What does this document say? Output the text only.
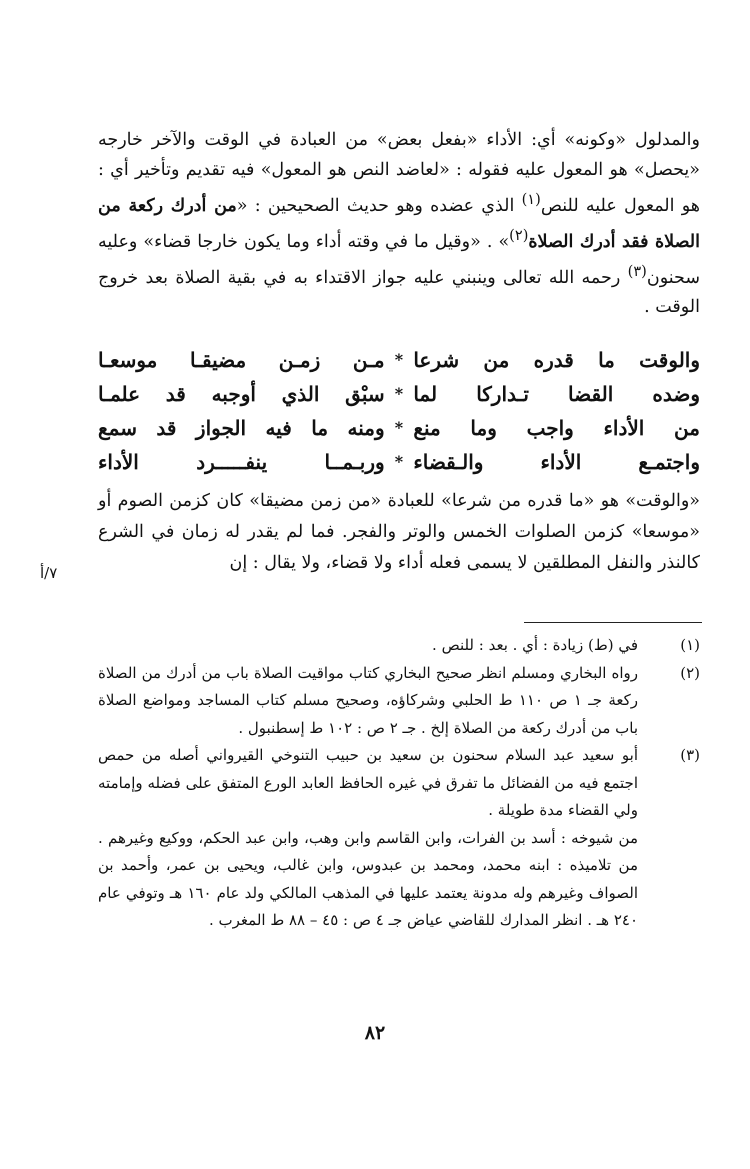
والمدلول «وكونه» أي: الأداء «بفعل بعض» من العبادة في الوقت والآخر خارجه «يحصل» هو المعول عليه فقوله : «لعاضد النص هو المعول» فيه تقديم وتأخير أي : هو المعول عليه للنص$^{(١)}$ الذي عضده وهو حديث الصحيحين : «من أدرك ركعة من الصلاة فقد أدرك الصلاة$^{(٢)}$» . «وقيل ما في وقته أداء وما يكون خارجا قضاء» وعليه سحنون$^{(٣)}$ رحمه الله تعالى وينبني عليه جواز الاقتداء به في بقية الصلاة بعد خروج الوقت .

والوقت ما قدره من شرعا
*
مـن زمـن مضيقـا موسعـا
وضده القضا تـداركا لما
*
سبْق الذي أوجبه قد علمـا
من الأداء واجب وما منع
*
ومنه ما فيه الجواز قد سمع
واجتمـع الأداء والـقضاء
*
وربـمــا ينفـــــرد الأداء

«والوقت» هو «ما قدره من شرعا» للعبادة «من زمن مضيقا» كان كزمن الصوم أو «موسعا» كزمن الصلوات الخمس والوتر والفجر. فما لم يقدر له زمان في الشرع كالنذر والنفل المطلقين لا يسمى فعله أداء ولا قضاء، ولا يقال : إن

٧/أ
(١)
في (ط) زيادة : أي . بعد : للنص .
(٢)
رواه البخاري ومسلم انظر صحيح البخاري كتاب مواقيت الصلاة باب من أدرك من الصلاة ركعة جـ ١ ص ١١٠ ط الحلبي وشركاؤه، وصحيح مسلم كتاب المساجد ومواضع الصلاة باب من أدرك ركعة من الصلاة إلخ . جـ ٢ ص : ١٠٢ ط إسطنبول .
(٣)
أبو سعيد عبد السلام سحنون بن سعيد بن حبيب التنوخي القيرواني أصله من حمص اجتمع فيه من الفضائل ما تفرق في غيره الحافظ العابد الورع المتفق على فضله وإمامته ولي القضاء مدة طويلة .
من شيوخه : أسد بن الفرات، وابن القاسم وابن وهب، وابن عبد الحكم، ووكيع وغيرهم . من تلاميذه : ابنه محمد، ومحمد بن عبدوس، وابن غالب، ويحيى بن عمر، وأحمد بن الصواف وغيرهم وله مدونة يعتمد عليها في المذهب المالكي ولد عام ١٦٠ هـ وتوفي عام ٢٤٠ هـ . انظر المدارك للقاضي عياض جـ ٤ ص : ٤٥ – ٨٨ ط المغرب .
٨٢
